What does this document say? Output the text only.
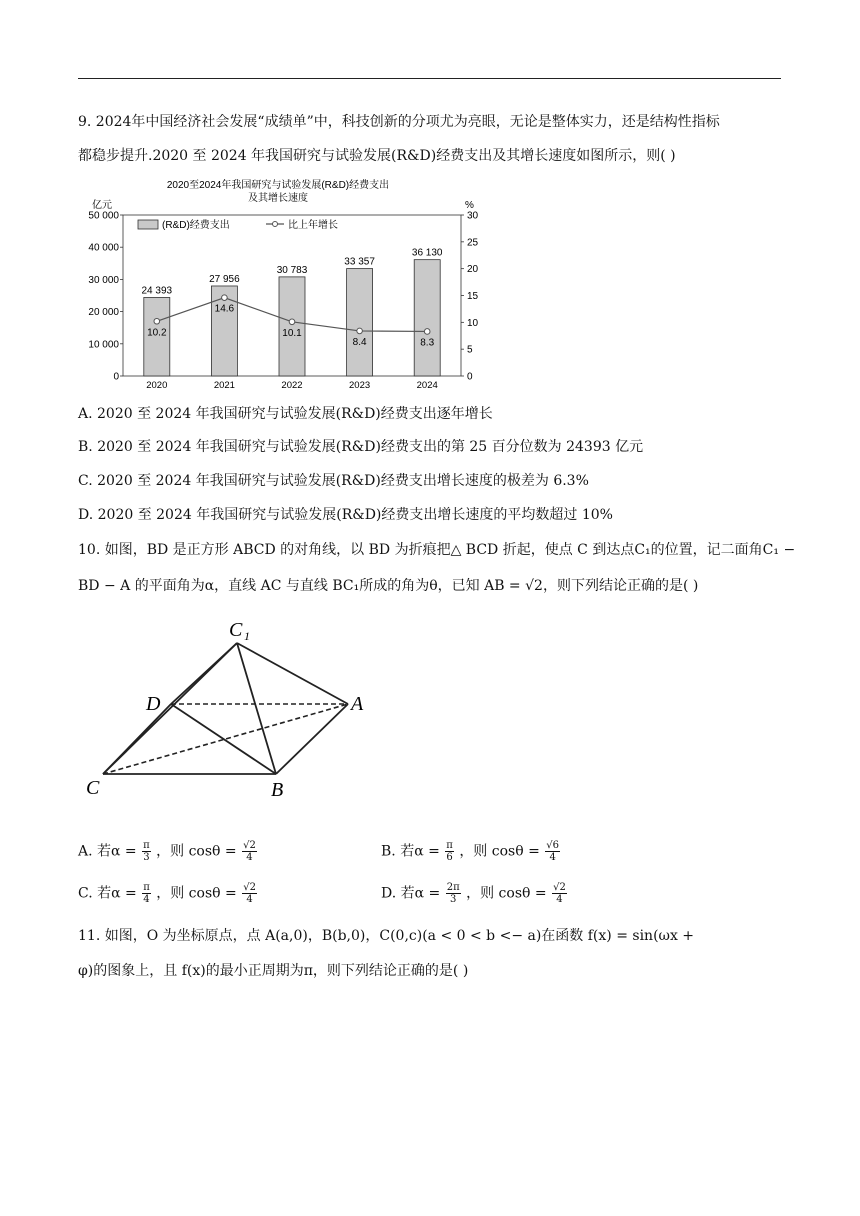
9. 2024年中国经济社会发展“成绩单”中，科技创新的分项尤为亮眼，无论是整体实力，还是结构性指标
都稳步提升.2020 至 2024 年我国研究与试验发展(R&D)经费支出及其增长速度如图所示，则( )
2020至2024年我国研究与试验发展(R&D)经费支出
及其增长速度
亿元	%
0
10 000
20 000
30 000
40 000
50 000
0
5
10
15
20
25
30
24 393
27 956
30 783
33 357
36 130
2020	2021	2022	2023	2024
10.2
14.6
10.1
8.4	8.3
(R&D)经费支出	比上年增长
A. 2020 至 2024 年我国研究与试验发展(R&D)经费支出逐年增长
B. 2020 至 2024 年我国研究与试验发展(R&D)经费支出的第 25 百分位数为 24393 亿元
C. 2020 至 2024 年我国研究与试验发展(R&D)经费支出增长速度的极差为 6.3%
D. 2020 至 2024 年我国研究与试验发展(R&D)经费支出增长速度的平均数超过 10%
10. 如图，BD 是正方形 ABCD 的对角线，以 BD 为折痕把△ BCD 折起，使点 C 到达点C₁的位置，记二面角C₁ −
BD − A 的平面角为α，直线 AC 与直线 BC₁所成的角为θ，已知 AB = √2，则下列结论正确的是( )
C 1
D	A
C	B
A. 若$\alpha = \frac{\pi}{3}$ ，则 $\cos\theta = \frac{√2}{4}$	B. 若$\alpha = \frac{\pi}{6}$ ，则 $\cos\theta = \frac{√6}{4}$
C. 若$\alpha = \frac{\pi}{4}$ ，则 $\cos\theta = \frac{√2}{4}$	D. 若$\alpha = \frac{2\pi}{3}$ ，则 $\cos\theta = \frac{√2}{4}$
11. 如图，O 为坐标原点，点 A(a,0)，B(b,0)，C(0,c)(a < 0 < b <− a)在函数 f(x) = sin(ωx +
φ)的图象上，且 f(x)的最小正周期为π，则下列结论正确的是( )
